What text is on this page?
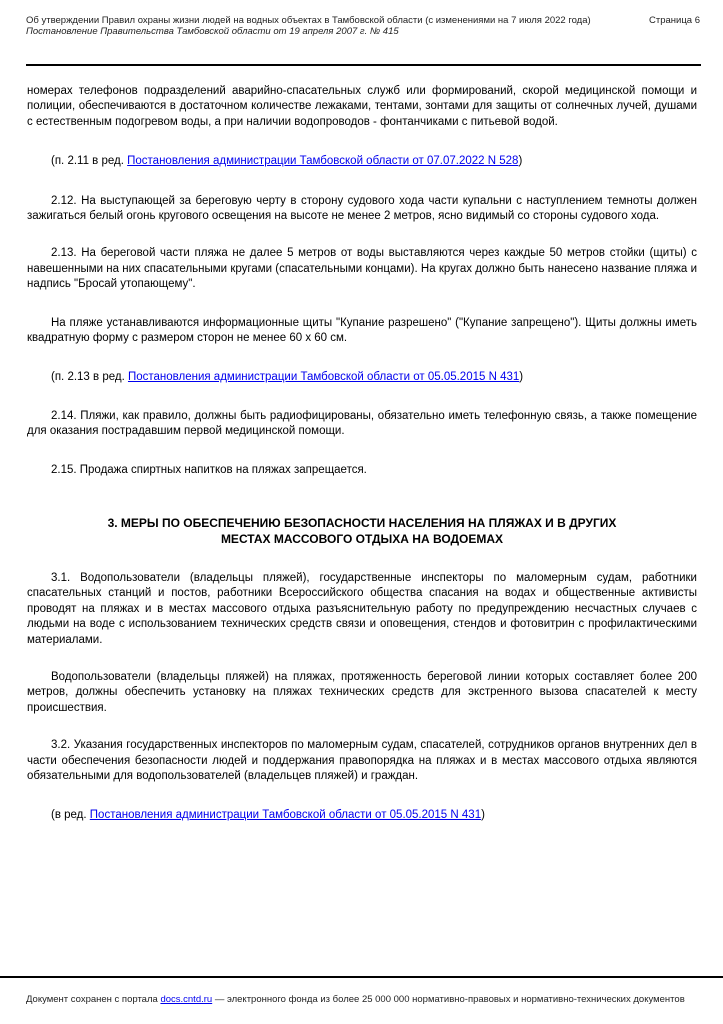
Об утверждении Правил охраны жизни людей на водных объектах в Тамбовской области (с изменениями на 7 июля 2022 года)
Постановление Правительства Тамбовской области от 19 апреля 2007 г. № 415
Страница 6

номерах телефонов подразделений аварийно-спасательных служб или формирований, скорой медицинской помощи и полиции, обеспечиваются в достаточном количестве лежаками, тентами, зонтами для защиты от солнечных лучей, душами с естественным подогревом воды, а при наличии водопроводов - фонтанчиками с питьевой водой.

(п. 2.11 в ред. Постановления администрации Тамбовской области от 07.07.2022 N 528)

2.12. На выступающей за береговую черту в сторону судового хода части купальни с наступлением темноты должен зажигаться белый огонь кругового освещения на высоте не менее 2 метров, ясно видимый со стороны судового хода.

2.13. На береговой части пляжа не далее 5 метров от воды выставляются через каждые 50 метров стойки (щиты) с навешенными на них спасательными кругами (спасательными концами). На кругах должно быть нанесено название пляжа и надпись "Бросай утопающему".

На пляже устанавливаются информационные щиты "Купание разрешено" ("Купание запрещено"). Щиты должны иметь квадратную форму с размером сторон не менее 60 x 60 см.

(п. 2.13 в ред. Постановления администрации Тамбовской области от 05.05.2015 N 431)

2.14. Пляжи, как правило, должны быть радиофицированы, обязательно иметь телефонную связь, а также помещение для оказания пострадавшим первой медицинской помощи.

2.15. Продажа спиртных напитков на пляжах запрещается.

3. МЕРЫ ПО ОБЕСПЕЧЕНИЮ БЕЗОПАСНОСТИ НАСЕЛЕНИЯ НА ПЛЯЖАХ И В ДРУГИХ МЕСТАХ МАССОВОГО ОТДЫХА НА ВОДОЕМАХ

3.1. Водопользователи (владельцы пляжей), государственные инспекторы по маломерным судам, работники спасательных станций и постов, работники Всероссийского общества спасания на водах и общественные активисты проводят на пляжах и в местах массового отдыха разъяснительную работу по предупреждению несчастных случаев с людьми на воде с использованием технических средств связи и оповещения, стендов и фотовитрин с профилактическими материалами.

Водопользователи (владельцы пляжей) на пляжах, протяженность береговой линии которых составляет более 200 метров, должны обеспечить установку на пляжах технических средств для экстренного вызова спасателей к месту происшествия.

3.2. Указания государственных инспекторов по маломерным судам, спасателей, сотрудников органов внутренних дел в части обеспечения безопасности людей и поддержания правопорядка на пляжах и в местах массового отдыха являются обязательными для водопользователей (владельцев пляжей) и граждан.

(в ред. Постановления администрации Тамбовской области от 05.05.2015 N 431)

Документ сохранен с портала docs.cntd.ru — электронного фонда из более 25 000 000 нормативно-правовых и нормативно-технических документов
